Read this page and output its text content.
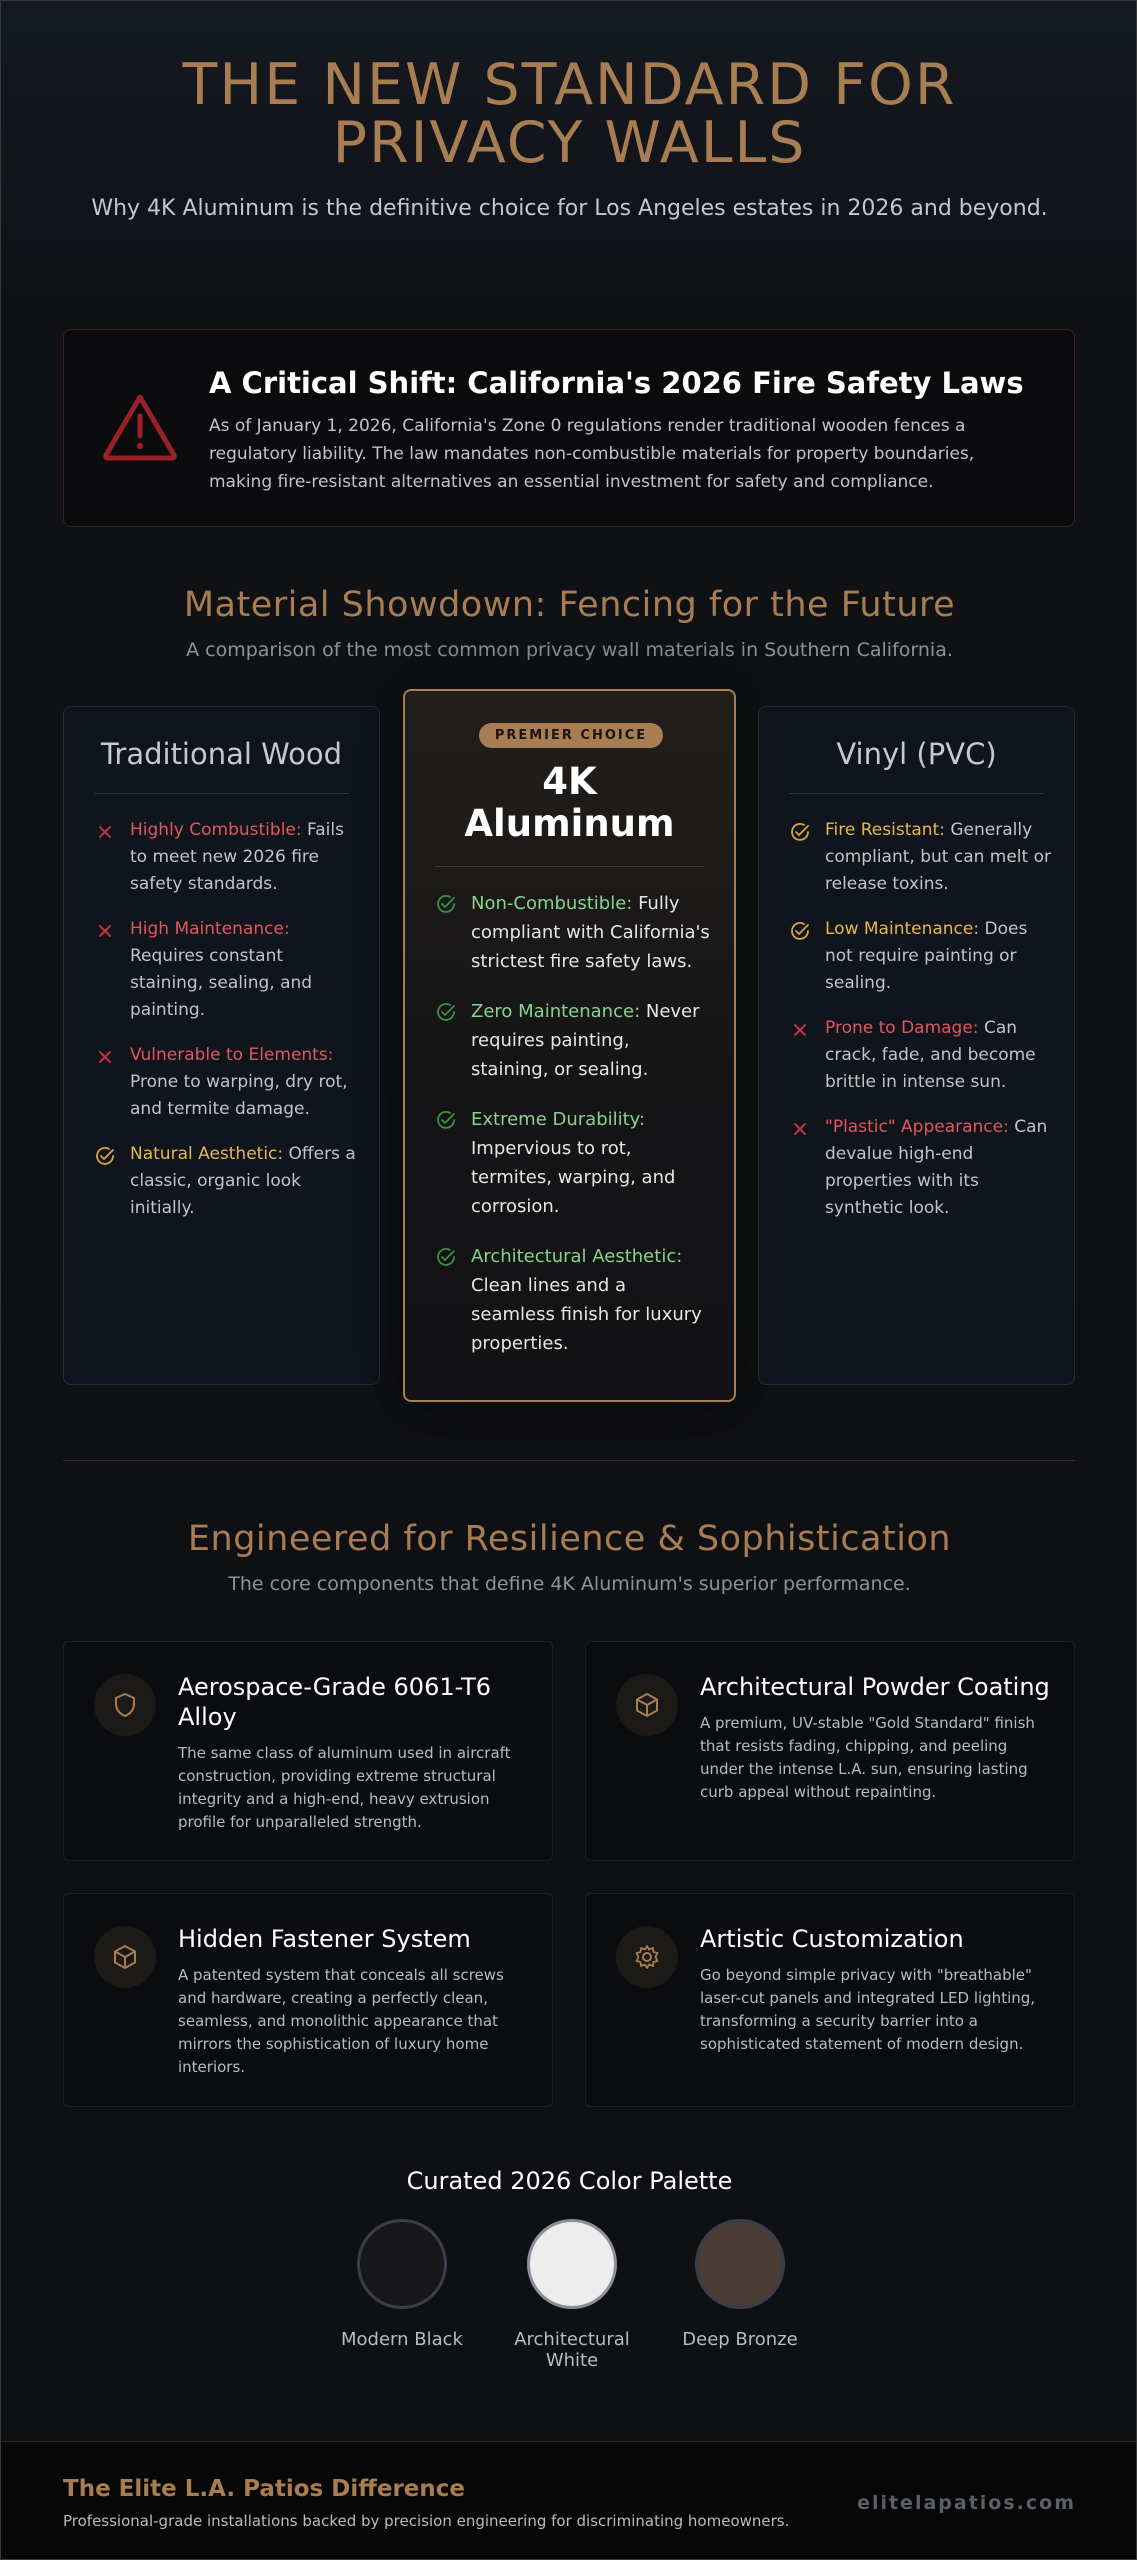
THE NEW STANDARD FOR
PRIVACY WALLS

Why 4K Aluminum is the definitive choice for Los Angeles estates in 2026 and beyond.

A Critical Shift: California's 2026 Fire Safety Laws

As of January 1, 2026, California's Zone 0 regulations render traditional wooden fences a regulatory liability. The law mandates non-combustible materials for property boundaries, making fire-resistant alternatives an essential investment for safety and compliance.

Material Showdown: Fencing for the Future

A comparison of the most common privacy wall materials in Southern California.

Traditional Wood
Highly Combustible: Fails to meet new 2026 fire safety standards.
High Maintenance: Requires constant staining, sealing, and painting.
Vulnerable to Elements: Prone to warping, dry rot, and termite damage.
Natural Aesthetic: Offers a classic, organic look initially.
PREMIER CHOICE
4K
Aluminum
Non-Combustible: Fully compliant with California's strictest fire safety laws.
Zero Maintenance: Never requires painting, staining, or sealing.
Extreme Durability: Impervious to rot, termites, warping, and corrosion.
Architectural Aesthetic: Clean lines and a seamless finish for luxury properties.
Vinyl (PVC)
Fire Resistant: Generally compliant, but can melt or release toxins.
Low Maintenance: Does not require painting or sealing.
Prone to Damage: Can crack, fade, and become brittle in intense sun.
"Plastic" Appearance: Can devalue high-end properties with its synthetic look.
Engineered for Resilience & Sophistication

The core components that define 4K Aluminum's superior performance.

Aerospace-Grade 6061-T6 Alloy

The same class of aluminum used in aircraft construction, providing extreme structural integrity and a high-end, heavy extrusion profile for unparalleled strength.

Architectural Powder Coating

A premium, UV-stable "Gold Standard" finish that resists fading, chipping, and peeling under the intense L.A. sun, ensuring lasting curb appeal without repainting.

Hidden Fastener System

A patented system that conceals all screws and hardware, creating a perfectly clean, seamless, and monolithic appearance that mirrors the sophistication of luxury home interiors.

Artistic Customization

Go beyond simple privacy with "breathable" laser-cut panels and integrated LED lighting, transforming a security barrier into a sophisticated statement of modern design.

Curated 2026 Color Palette
Modern Black	Architectural White
Deep Bronze
The Elite L.A. Patios Difference

Professional-grade installations backed by precision engineering for discriminating homeowners.

elitelapatios.com
